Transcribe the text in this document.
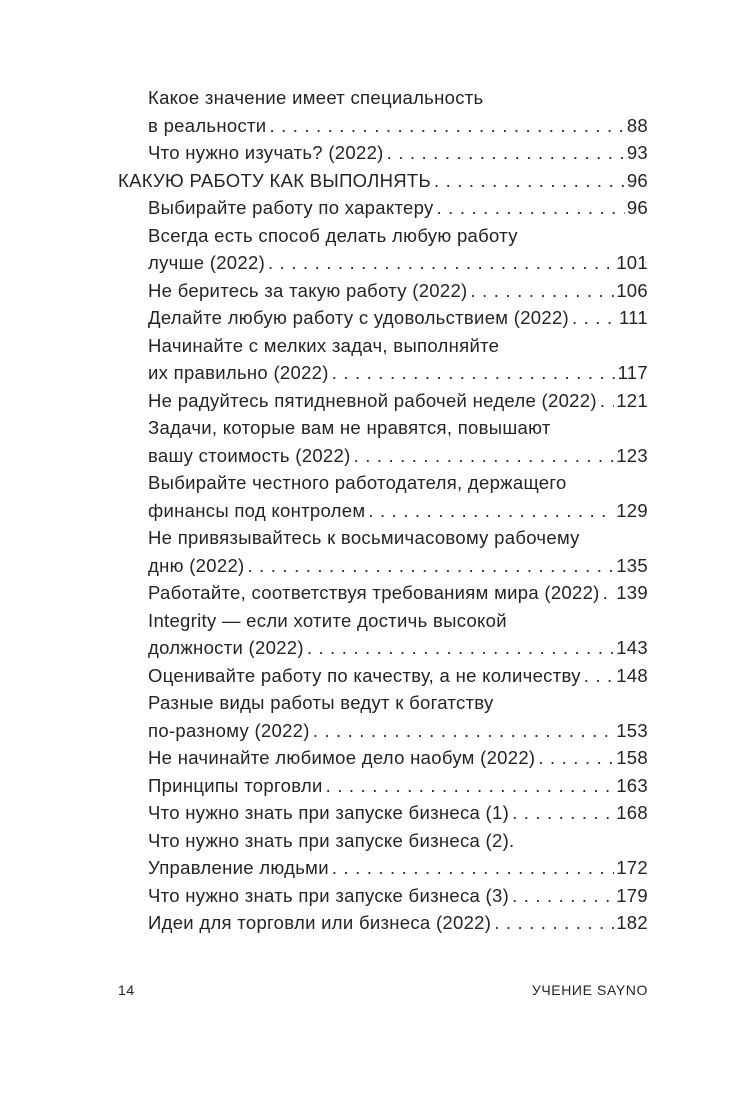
Какое значение имеет специальность
в реальности .....	88
Что нужно изучать? (2022) .....	93
КАКУЮ РАБОТУ КАК ВЫПОЛНЯТЬ .....	96
Выбирайте работу по характеру .....	96
Всегда есть способ делать любую работу
лучше (2022) .....	101
Не беритесь за такую работу (2022) .....	106
Делайте любую работу с удовольствием (2022) .....	111
Начинайте с мелких задач, выполняйте
их правильно (2022) .....	117
Не радуйтесь пятидневной рабочей неделе (2022) ..... 121
Задачи, которые вам не нравятся, повышают
вашу стоимость (2022) .....	123
Выбирайте честного работодателя, держащего
финансы под контролем .....	129
Не привязывайтесь к восьмичасовому рабочему
дню (2022) .....	135
Работайте, соответствуя требованиям мира (2022) ..... 139
Integrity — если хотите достичь высокой
должности (2022) .....	143
Оценивайте работу по качеству, а не количеству ..... 148
Разные виды работы ведут к богатству
по-разному (2022) .....	153
Не начинайте любимое дело наобум (2022) .....	158
Принципы торговли .....	163
Что нужно знать при запуске бизнеса (1) .....	168
Что нужно знать при запуске бизнеса (2).
Управление людьми .....	172
Что нужно знать при запуске бизнеса (3) .....	179
Идеи для торговли или бизнеса (2022) .....	182
14	УЧЕНИЕ SAYNO
